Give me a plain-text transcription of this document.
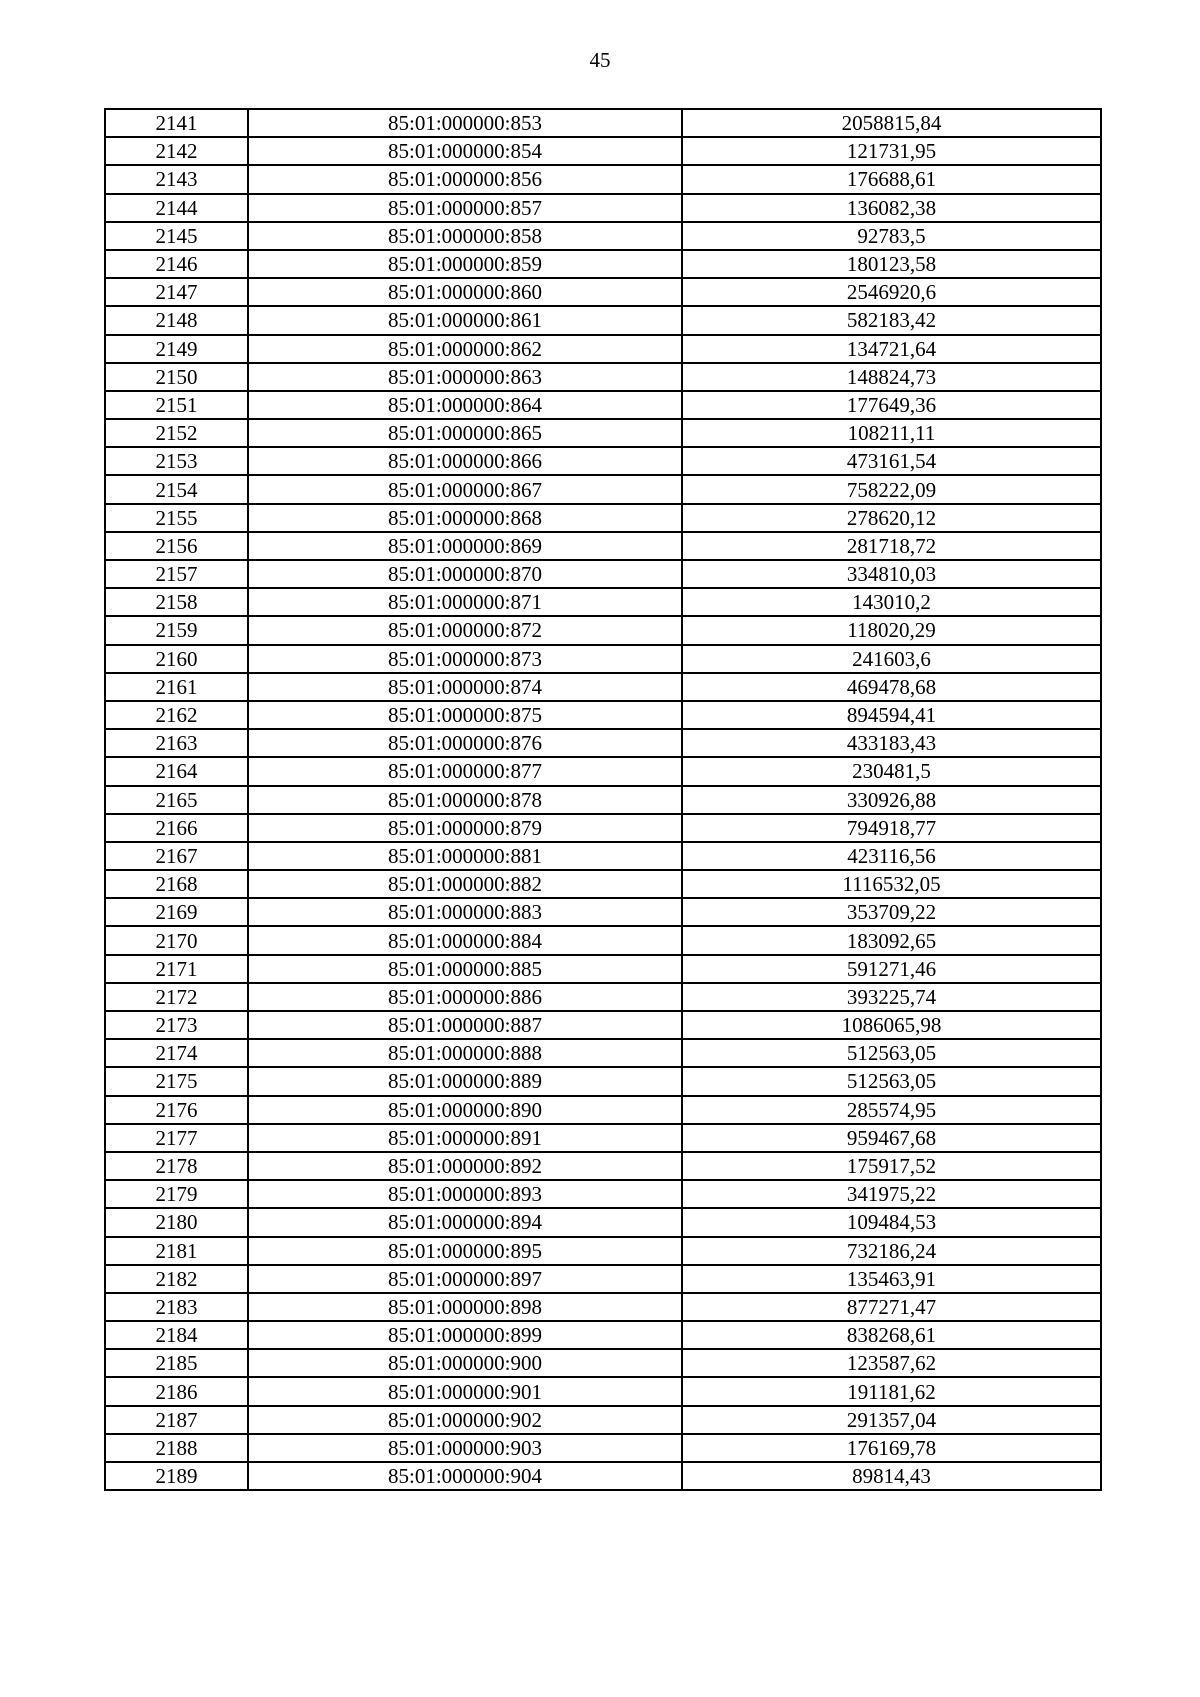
45
2141	85:01:000000:853	2058815,84
2142	85:01:000000:854	121731,95
2143	85:01:000000:856	176688,61
2144	85:01:000000:857	136082,38
2145	85:01:000000:858	92783,5
2146	85:01:000000:859	180123,58
2147	85:01:000000:860	2546920,6
2148	85:01:000000:861	582183,42
2149	85:01:000000:862	134721,64
2150	85:01:000000:863	148824,73
2151	85:01:000000:864	177649,36
2152	85:01:000000:865	108211,11
2153	85:01:000000:866	473161,54
2154	85:01:000000:867	758222,09
2155	85:01:000000:868	278620,12
2156	85:01:000000:869	281718,72
2157	85:01:000000:870	334810,03
2158	85:01:000000:871	143010,2
2159	85:01:000000:872	118020,29
2160	85:01:000000:873	241603,6
2161	85:01:000000:874	469478,68
2162	85:01:000000:875	894594,41
2163	85:01:000000:876	433183,43
2164	85:01:000000:877	230481,5
2165	85:01:000000:878	330926,88
2166	85:01:000000:879	794918,77
2167	85:01:000000:881	423116,56
2168	85:01:000000:882	1116532,05
2169	85:01:000000:883	353709,22
2170	85:01:000000:884	183092,65
2171	85:01:000000:885	591271,46
2172	85:01:000000:886	393225,74
2173	85:01:000000:887	1086065,98
2174	85:01:000000:888	512563,05
2175	85:01:000000:889	512563,05
2176	85:01:000000:890	285574,95
2177	85:01:000000:891	959467,68
2178	85:01:000000:892	175917,52
2179	85:01:000000:893	341975,22
2180	85:01:000000:894	109484,53
2181	85:01:000000:895	732186,24
2182	85:01:000000:897	135463,91
2183	85:01:000000:898	877271,47
2184	85:01:000000:899	838268,61
2185	85:01:000000:900	123587,62
2186	85:01:000000:901	191181,62
2187	85:01:000000:902	291357,04
2188	85:01:000000:903	176169,78
2189	85:01:000000:904	89814,43
